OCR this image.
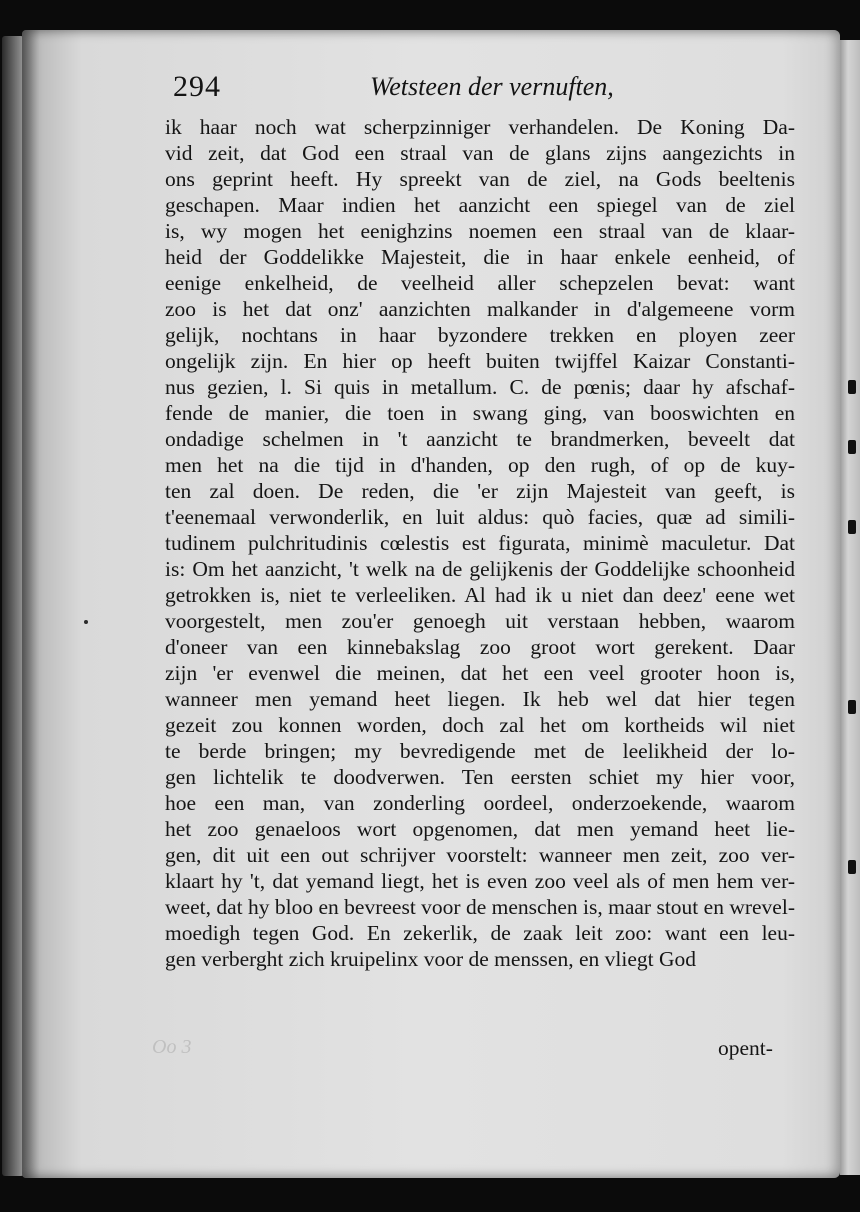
294	Wetsteen der vernuften,
ik haar noch wat scherpzinniger verhandelen. De Koning Da-
vid zeit, dat God een straal van de glans zijns aangezichts in
ons geprint heeft. Hy spreekt van de ziel, na Gods beeltenis
geschapen. Maar indien het aanzicht een spiegel van de ziel
is, wy mogen het eenighzins noemen een straal van de klaar-
heid der Goddelikke Majesteit, die in haar enkele eenheid, of
eenige enkelheid, de veelheid aller schepzelen bevat: want
zoo is het dat onz' aanzichten malkander in d'algemeene vorm
gelijk, nochtans in haar byzondere trekken en ployen zeer
ongelijk zijn. En hier op heeft buiten twijffel Kaizar Constanti-
nus gezien, l. Si quis in metallum. C. de pœnis; daar hy afschaf-
fende de manier, die toen in swang ging, van booswichten en
ondadige schelmen in 't aanzicht te brandmerken, beveelt dat
men het na die tijd in d'handen, op den rugh, of op de kuy-
ten zal doen. De reden, die 'er zijn Majesteit van geeft, is
t'eenemaal verwonderlik, en luit aldus: quò facies, quæ ad simili-
tudinem pulchritudinis cœlestis est figurata, minimè maculetur. Dat
is: Om het aanzicht, 't welk na de gelijkenis der Goddelijke schoonheid
getrokken is, niet te verleeliken. Al had ik u niet dan deez' eene wet
voorgestelt, men zou'er genoegh uit verstaan hebben, waarom
d'oneer van een kinnebakslag zoo groot wort gerekent. Daar
zijn 'er evenwel die meinen, dat het een veel grooter hoon is,
wanneer men yemand heet liegen. Ik heb wel dat hier tegen
gezeit zou konnen worden, doch zal het om kortheids wil niet
te berde bringen; my bevredigende met de leelikheid der lo-
gen lichtelik te doodverwen. Ten eersten schiet my hier voor,
hoe een man, van zonderling oordeel, onderzoekende, waarom
het zoo genaeloos wort opgenomen, dat men yemand heet lie-
gen, dit uit een out schrijver voorstelt: wanneer men zeit, zoo ver-
klaart hy 't, dat yemand liegt, het is even zoo veel als of men hem ver-
weet, dat hy bloo en bevreest voor de menschen is, maar stout en wrevel-
moedigh tegen God. En zekerlik, de zaak leit zoo: want een leu-
gen verberght zich kruipelinx voor de menssen, en vliegt God
Oo 3	opent-
